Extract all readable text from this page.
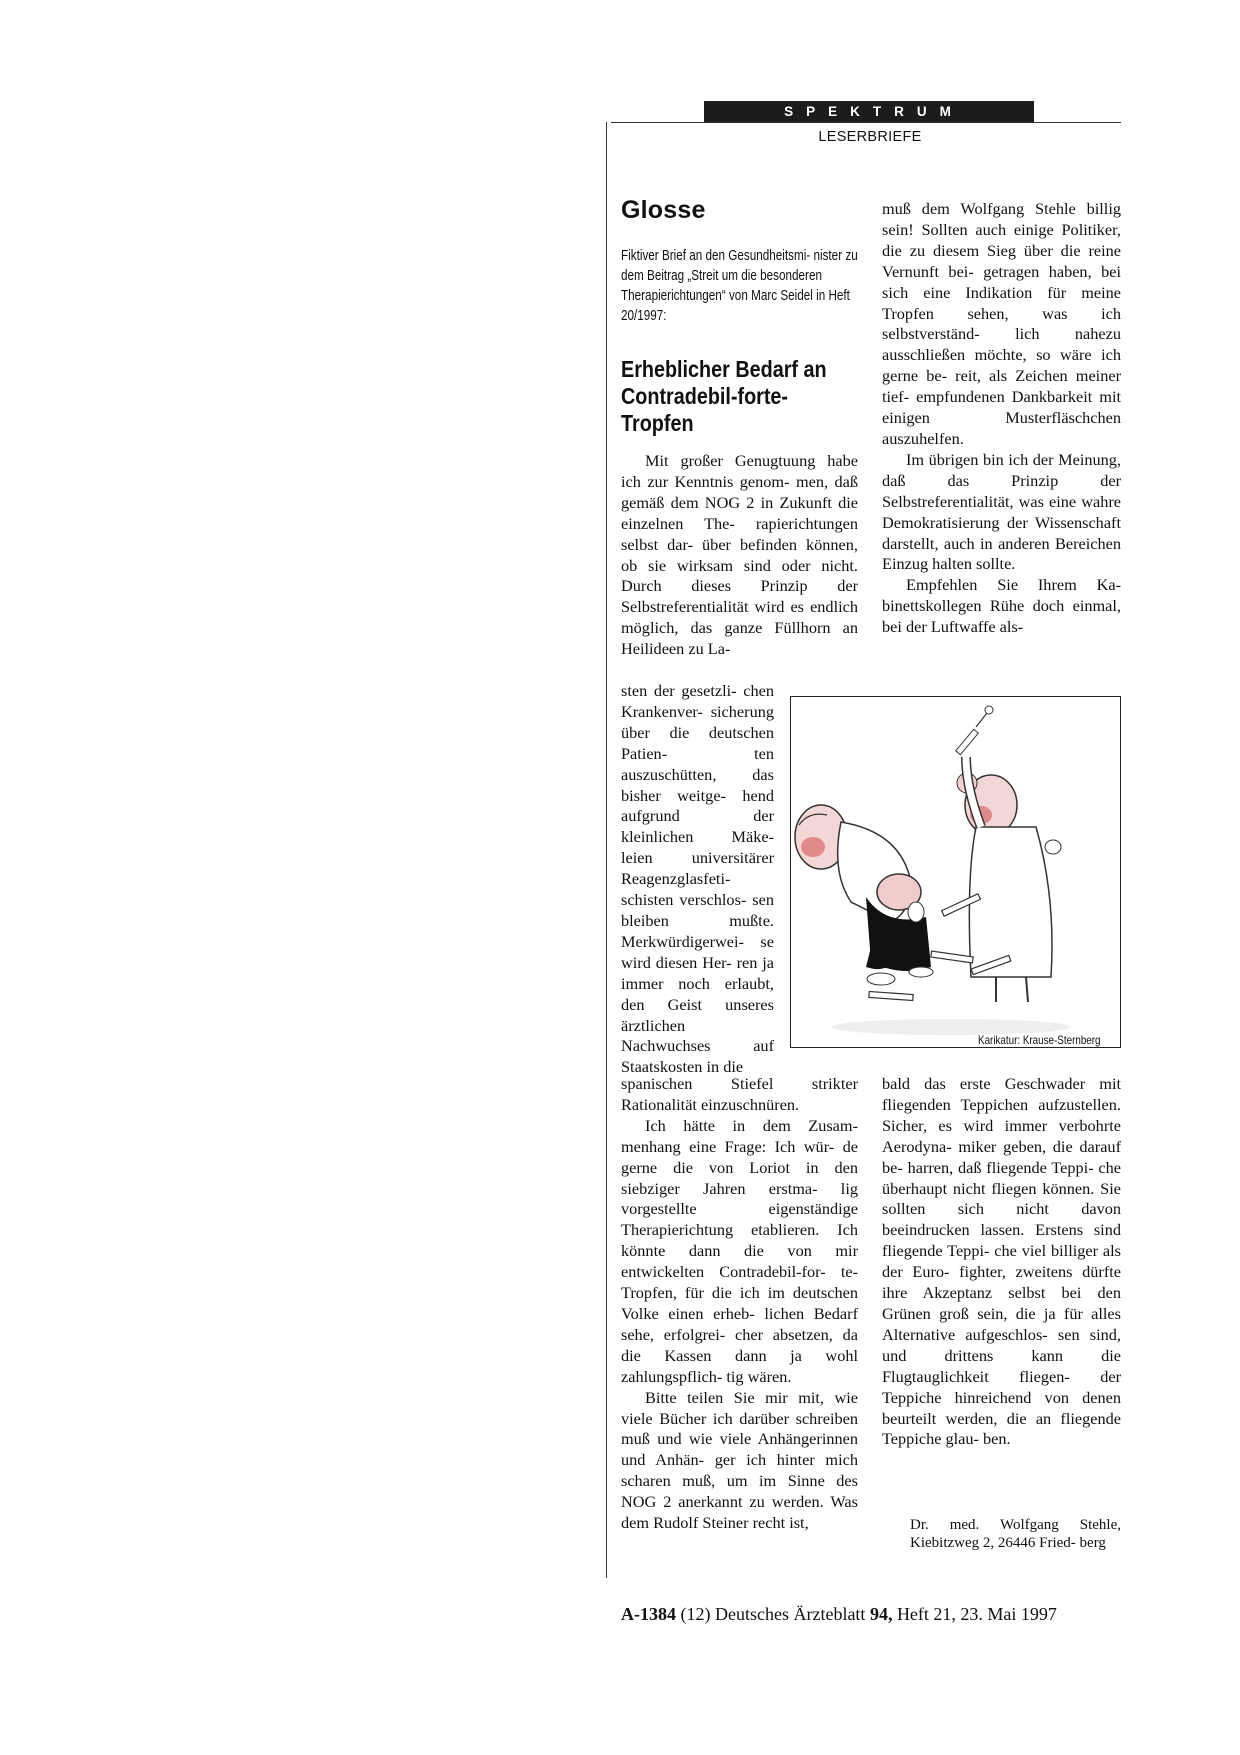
SPEKTRUM
LESERBRIEFE
Glosse
Fiktiver Brief an den Gesundheitsmi- nister zu dem Beitrag „Streit um die besonderen Therapierichtungen“ von Marc Seidel in Heft 20/1997:
Erheblicher Bedarf an Contradebil-forte- Tropfen

Mit großer Genugtuung habe ich zur Kenntnis genom- men, daß gemäß dem NOG 2 in Zukunft die einzelnen The- rapierichtungen selbst dar- über befinden können, ob sie wirksam sind oder nicht. Durch dieses Prinzip der Selbstreferentialität wird es endlich möglich, das ganze Füllhorn an Heilideen zu La-

sten der gesetzli- chen Krankenver- sicherung über die deutschen Patien- ten auszuschütten, das bisher weitge- hend aufgrund der kleinlichen Mäke- leien universitärer Reagenzglasfeti- schisten verschlos- sen bleiben mußte. Merkwürdigerwei- se wird diesen Her- ren ja immer noch erlaubt, den Geist unseres ärztlichen Nachwuchses auf Staatskosten in die

spanischen Stiefel strikter Rationalität einzuschnüren.

Ich hätte in dem Zusam- menhang eine Frage: Ich wür- de gerne die von Loriot in den siebziger Jahren erstma- lig vorgestellte eigenständige Therapierichtung etablieren. Ich könnte dann die von mir entwickelten Contradebil-for- te-Tropfen, für die ich im deutschen Volke einen erheb- lichen Bedarf sehe, erfolgrei- cher absetzen, da die Kassen dann ja wohl zahlungspflich- tig wären.

Bitte teilen Sie mir mit, wie viele Bücher ich darüber schreiben muß und wie viele Anhängerinnen und Anhän- ger ich hinter mich scharen muß, um im Sinne des NOG 2 anerkannt zu werden. Was dem Rudolf Steiner recht ist,

muß dem Wolfgang Stehle billig sein! Sollten auch einige Politiker, die zu diesem Sieg über die reine Vernunft bei- getragen haben, bei sich eine Indikation für meine Tropfen sehen, was ich selbstverständ- lich nahezu ausschließen möchte, so wäre ich gerne be- reit, als Zeichen meiner tief- empfundenen Dankbarkeit mit einigen Musterfläschchen auszuhelfen.

Im übrigen bin ich der Meinung, daß das Prinzip der Selbstreferentialität, was eine wahre Demokratisierung der Wissenschaft darstellt, auch in anderen Bereichen Einzug halten sollte.

Empfehlen Sie Ihrem Ka- binettskollegen Rühe doch einmal, bei der Luftwaffe als-

bald das erste Geschwader mit fliegenden Teppichen aufzustellen. Sicher, es wird immer verbohrte Aerodyna- miker geben, die darauf be- harren, daß fliegende Teppi- che überhaupt nicht fliegen können. Sie sollten sich nicht davon beeindrucken lassen. Erstens sind fliegende Teppi- che viel billiger als der Euro- fighter, zweitens dürfte ihre Akzeptanz selbst bei den Grünen groß sein, die ja für alles Alternative aufgeschlos- sen sind, und drittens kann die Flugtauglichkeit fliegen- der Teppiche hinreichend von denen beurteilt werden, die an fliegende Teppiche glau- ben.

Dr. med. Wolfgang Stehle, Kiebitzweg 2, 26446 Fried- berg
Karikatur: Krause-Sternberg
A-1384 (12) Deutsches Ärzteblatt 94, Heft 21, 23. Mai 1997
